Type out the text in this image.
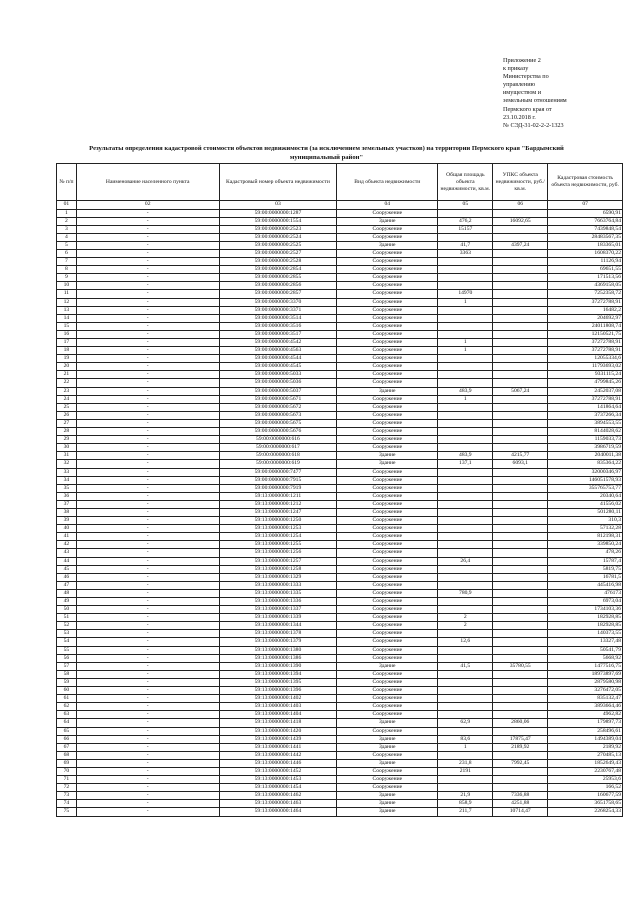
Приложение 2
к приказу
Министерства по
управлению
имуществом и
земельным отношениям
Пермского края от
23.10.2018 г.
№ СЭД-31-02-2-2-1323
Результаты определения кадастровой стоимости объектов недвижимости (за исключением земельных участков) на территории Пермского края "Бардымский
муниципальный район"
№ п/п	Наименование населенного пункта	Кадастровый номер объекта недвижимости	Вид объекта недвижимости	Общая площадь объекта недвижимости, кв.м.	УПКС объекта недвижимости, руб./кв.м.	Кадастровая стоимость объекта недвижимости, руб.
01	02	03	04	05	06	07
1	-	59:00:0000000:1287	Сооружение			6590,91
2	-	59:00:0000000:1554	Здание	476,2	16092,65	7663764,84
3	-	59:00:0000000:2523	Сооружение	15157		7439848,54
4	-	59:00:0000000:2524	Сооружение			28483567,35
5	-	59:00:0000000:2525	Здание	41,7	4397,24	183365,01
6	-	59:00:0000000:2527	Сооружение	3363		1608370,22
7	-	59:00:0000000:2528	Сооружение			11126,94
8	-	59:00:0000000:2854	Сооружение			69651,55
9	-	59:00:0000000:2855	Сооружение			171513,56
10	-	59:00:0000000:2856	Сооружение			4369158,05
11	-	59:00:0000000:2857	Сооружение	14970		7252358,72
12	-	59:00:0000000:3370	Сооружение	1		37272788,91
13	-	59:00:0000000:3371	Сооружение			16482,2
14	-	59:00:0000000:3514	Сооружение			204692,97
15	-	59:00:0000000:3516	Сооружение			24011808,74
16	-	59:00:0000000:3517	Сооружение			12150521,75
17	-	59:00:0000000:4542	Сооружение	1		37272788,91
18	-	59:00:0000000:4563	Сооружение	1		37272788,91
19	-	59:00:0000000:4544	Сооружение			12055334,6
20	-	59:00:0000000:4545	Сооружение			11793693,02
21	-	59:00:0000000:5033	Сооружение			9331115,24
22	-	59:00:0000000:5036	Сооружение			4799845,26
23	-	59:00:0000000:5037	Здание	483,9	5067,24	2452037,08
24	-	59:00:0000000:5671	Сооружение	1		37272788,91
25	-	59:00:0000000:5672	Сооружение			141864,64
26	-	59:00:0000000:5673	Сооружение			3737266,34
27	-	59:00:0000000:5675	Сооружение			3894553,55
28	-	59:00:0000000:5676	Сооружение			8144028,62
29	-	59:00:0000000:616	Сооружение			1159033,73
30	-	59:00:0000000:617	Сооружение			3986719,59
31	-	59:00:0000000:618	Здание	483,9	4215,77	2040011,38
32	-	59:00:0000000:619	Здание	137,1	6093,1	835364,22
33	-	59:00:0000000:7477	Сооружение			32000346,97
34	-	59:00:0000000:7915	Сооружение			146051578,93
35	-	59:00:0000000:7919	Сооружение			355765753,77
36	-	59:13:0000000:1211	Сооружение			20340,64
37	-	59:13:0000000:1212	Сооружение			41556,02
38	-	59:13:0000000:1247	Сооружение			501280,11
39	-	59:13:0000000:1250	Сооружение			310,3
40	-	59:13:0000000:1253	Сооружение			57132,28
41	-	59:13:0000000:1254	Сооружение			812198,31
42	-	59:13:0000000:1255	Сооружение			339850,24
43	-	59:13:0000000:1256	Сооружение			478,26
44	-	59:13:0000000:1257	Сооружение	26,4		15787,4
45	-	59:13:0000000:1258	Сооружение			5819,75
46	-	59:13:0000000:1329	Сооружение			16781,5
47	-	59:13:0000000:1333	Сооружение			445416,98
48	-	59:13:0000000:1335	Сооружение	780,9		476173
49	-	59:13:0000000:1336	Сооружение			6973,04
50	-	59:13:0000000:1337	Сооружение			1734103,36
51	-	59:13:0000000:1339	Сооружение	2		182928,85
52	-	59:13:0000000:1344	Сооружение	2		182928,85
53	-	59:13:0000000:1378	Сооружение			140373,55
54	-	59:13:0000000:1379	Сооружение	12,6		13327,48
55	-	59:13:0000000:1380	Сооружение			50541,79
56	-	59:13:0000000:1386	Сооружение			5668,92
57	-	59:13:0000000:1390	Здание	41,5	35780,55	1477516,75
58	-	59:13:0000000:1394	Сооружение			18973897,69
59	-	59:13:0000000:1395	Сооружение			2879580,98
60	-	59:13:0000000:1396	Сооружение			3276472,05
61	-	59:13:0000000:1402	Сооружение			835132,47
62	-	59:13:0000000:1403	Сооружение			3893664,46
63	-	59:13:0000000:1404	Сооружение			4962,82
64	-	59:13:0000000:1418	Здание	62,9	2860,06	179897,73
65	-	59:13:0000000:1420	Сооружение			258496,61
66	-	59:13:0000000:1439	Здание	83,6	17875,47	1494389,04
67	-	59:13:0000000:1441	Здание	1	2189,92	2189,92
68	-	59:13:0000000:1442	Сооружение			270485,13
69	-	59:13:0000000:1446	Здание	231,8	7992,45	1852649,43
70	-	59:13:0000000:1452	Сооружение	2191		2230767,48
71	-	59:13:0000000:1453	Сооружение			25953,6
72	-	59:13:0000000:1454	Сооружение			166,52
73	-	59:13:0000000:1462	Здание	21,9	7336,88	160677,59
74	-	59:13:0000000:1463	Здание	858,9	4251,88	3651758,65
75	-	59:13:0000000:1464	Здание	211,7	10714,47	2268254,33
